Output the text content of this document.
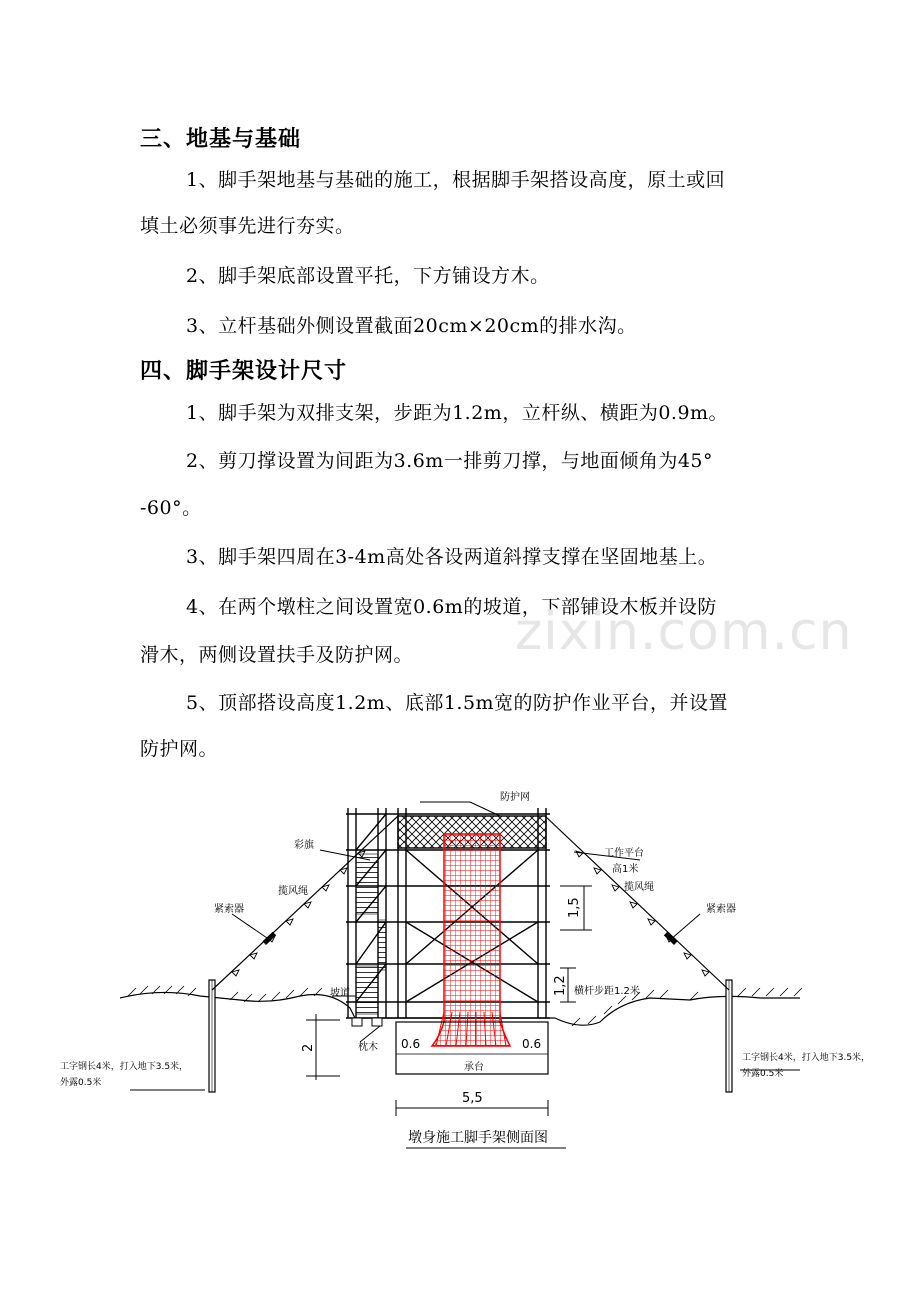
三、地基与基础
1、脚手架地基与基础的施工，根据脚手架搭设高度，原土或回
填土必须事先进行夯实。
2、脚手架底部设置平托，下方铺设方木。
3、立杆基础外侧设置截面20cm×20cm的排水沟。
四、脚手架设计尺寸
1、脚手架为双排支架，步距为1.2m，立杆纵、横距为0.9m。
2、剪刀撑设置为间距为3.6m一排剪刀撑，与地面倾角为45°
-60°。
3、脚手架四周在3-4m高处各设两道斜撑支撑在坚固地基上。
4、在两个墩柱之间设置宽0.6m的坡道，下部铺设木板并设防
滑木，两侧设置扶手及防护网。
5、顶部搭设高度1.2m、底部1.5m宽的防护作业平台，并设置
防护网。
zixin.com.cn
防护网
彩旗
揽风绳	揽风绳
紧索器	紧索器
工作平台
高1米
坡道
枕木
承台
横杆步距1.2米
工字钢长4米，打入地下3.5米，
外露0.5米
工字钢长4米，打入地下3.5米，
外露0.5米
1,5
1,2
2	0.6	0.6
5,5
墩身施工脚手架侧面图
